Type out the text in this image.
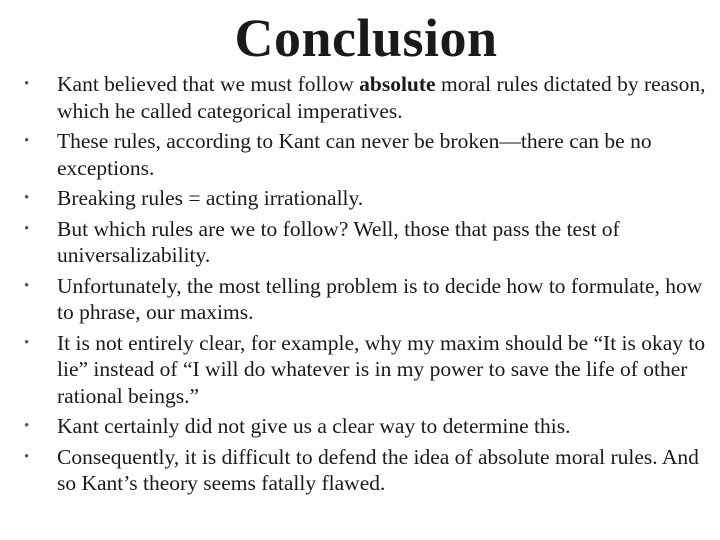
Conclusion
• Kant believed that we must follow absolute moral rules dictated by reason, which he called categorical imperatives.
• These rules, according to Kant can never be broken—there can be no exceptions.
• Breaking rules = acting irrationally.
• But which rules are we to follow? Well, those that pass the test of universalizability.
• Unfortunately, the most telling problem is to decide how to formulate, how to phrase, our maxims.
• It is not entirely clear, for example, why my maxim should be “It is okay to lie” instead of “I will do whatever is in my power to save the life of other rational beings.”
• Kant certainly did not give us a clear way to determine this.
• Consequently, it is difficult to defend the idea of absolute moral rules. And so Kant’s theory seems fatally flawed.
